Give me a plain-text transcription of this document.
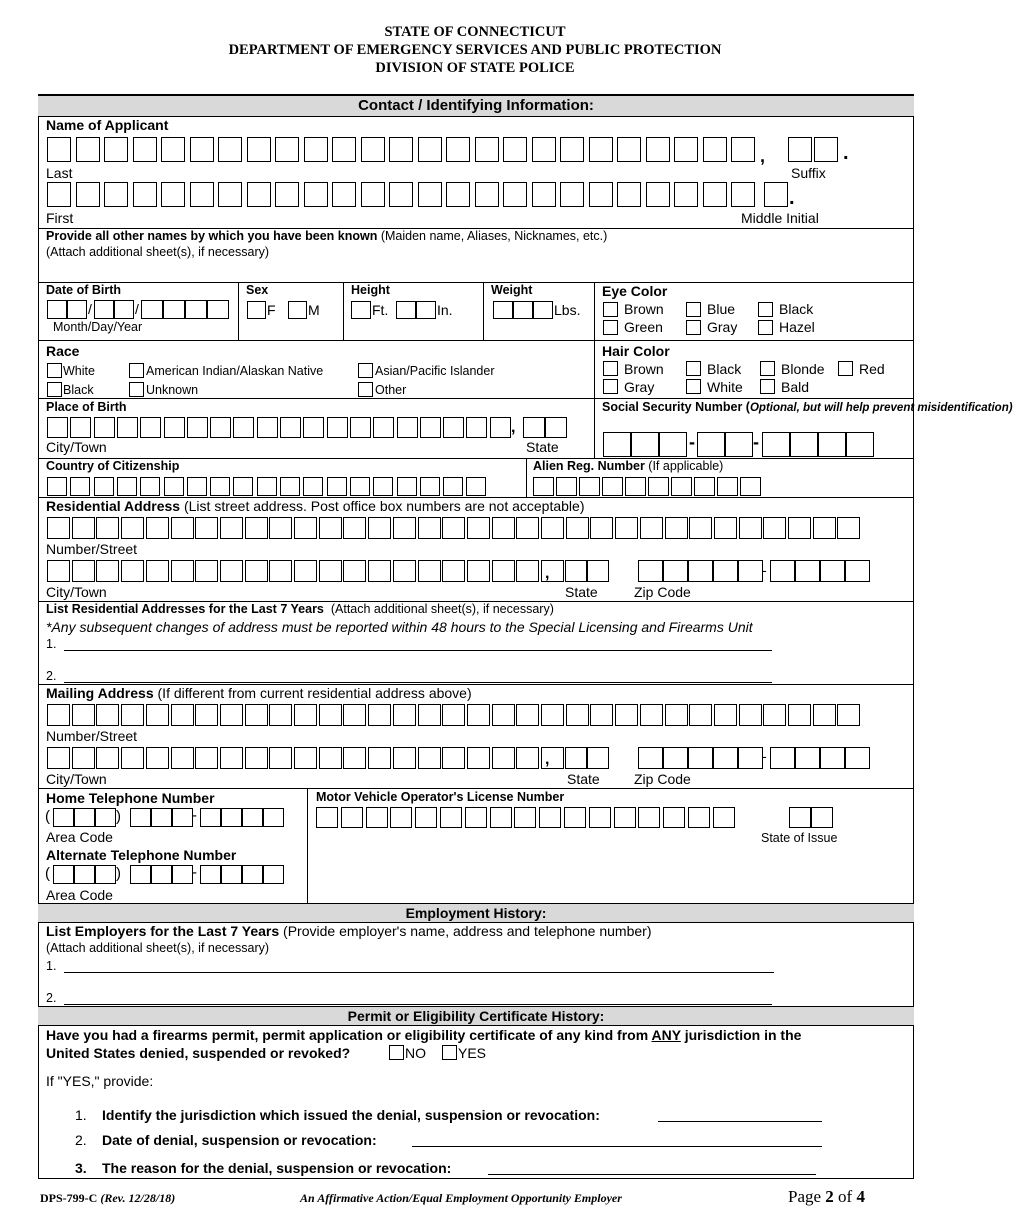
STATE OF CONNECTICUT
DEPARTMENT OF EMERGENCY SERVICES AND PUBLIC PROTECTION
DIVISION OF STATE POLICE
Contact / Identifying Information:
Name of Applicant
,	.
Last	Suffix
.
First	Middle Initial
Provide all other names by which you have been known (Maiden name, Aliases, Nicknames, etc.)
(Attach additional sheet(s), if necessary)
Date of Birth
/	/
Month/Day/Year
Sex
F M
Height
Ft.	In.
Weight
Lbs.
Eye Color
Brown	Blue	Black
Green	Gray	Hazel
Race
White	American Indian/Alaskan Native	Asian/Pacific Islander
Black	Unknown	Other
Hair Color
Brown	Black	Blonde Red
Gray	White	Bald
Place of Birth
,
City/Town	State
Social Security Number (Optional, but will help prevent misidentification)
-	-
Country of Citizenship	Alien Reg. Number (If applicable)
Residential Address (List street address. Post office box numbers are not acceptable)
Number/Street
,	-
City/Town	State	Zip Code
List Residential Addresses for the Last 7 Years (Attach additional sheet(s), if necessary)
*Any subsequent changes of address must be reported within 48 hours to the Special Licensing and Firearms Unit
1.
2.
Mailing Address (If different from current residential address above)
Number/Street
,	-
City/Town	State Zip Code
Home Telephone Number
(	)	-
Area Code
Alternate Telephone Number
(	)	-
Area Code
Motor Vehicle Operator's License Number
State of Issue
Employment History:
List Employers for the Last 7 Years (Provide employer's name, address and telephone number)
(Attach additional sheet(s), if necessary)
1.
2.
Permit or Eligibility Certificate History:
Have you had a firearms permit, permit application or eligibility certificate of any kind from ANY jurisdiction in the
United States denied, suspended or revoked?	NO YES
If "YES," provide:
1. Identify the jurisdiction which issued the denial, suspension or revocation:
2. Date of denial, suspension or revocation:
3. The reason for the denial, suspension or revocation:
DPS-799-C (Rev. 12/28/18)	An Affirmative Action/Equal Employment Opportunity Employer	Page 2 of 4
